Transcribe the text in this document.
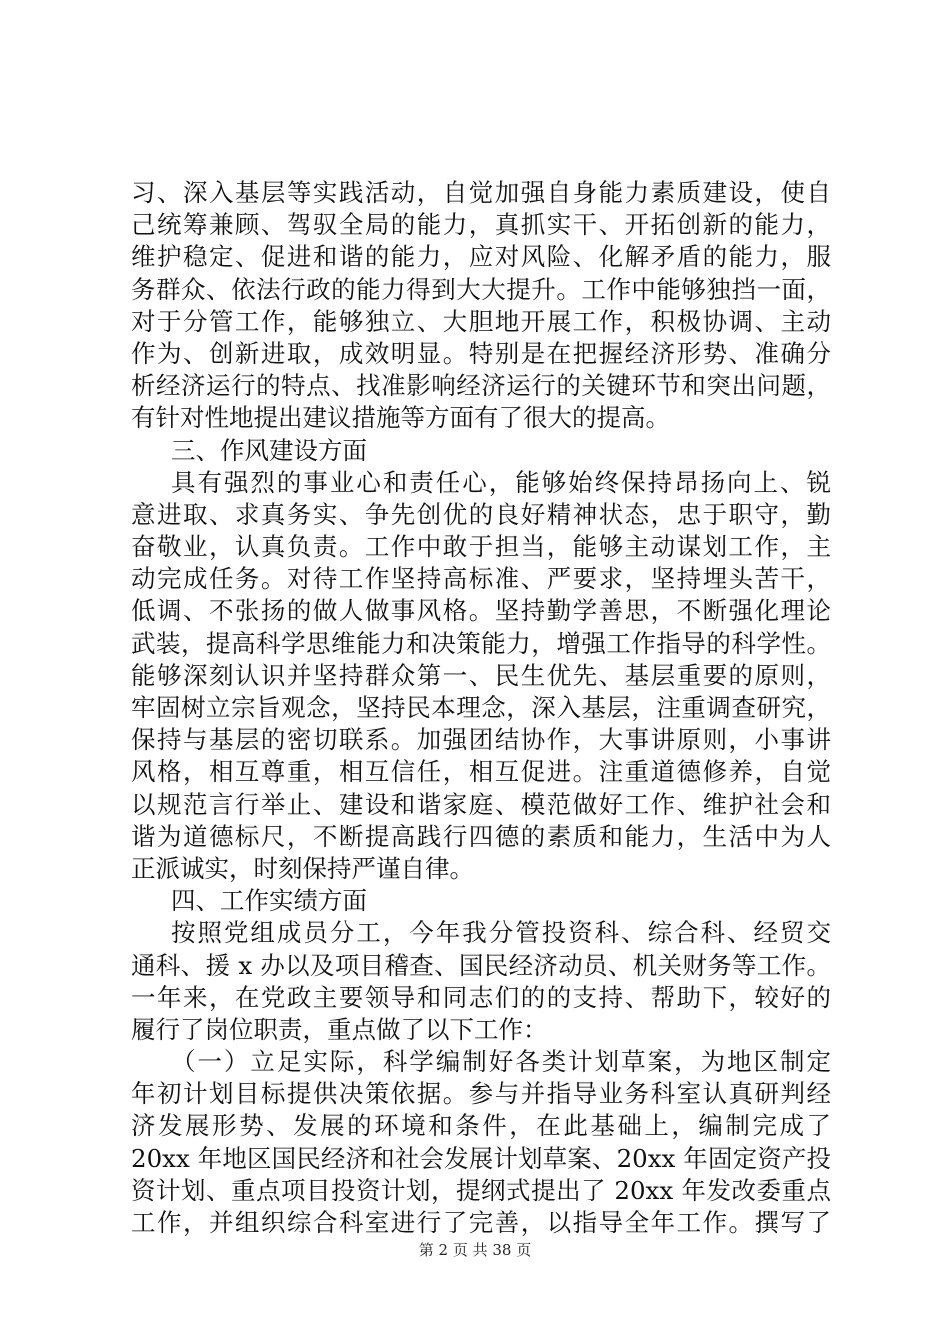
习、深入基层等实践活动，自觉加强自身能力素质建设，使自
己统筹兼顾、驾驭全局的能力，真抓实干、开拓创新的能力，
维护稳定、促进和谐的能力，应对风险、化解矛盾的能力，服
务群众、依法行政的能力得到大大提升。工作中能够独挡一面，
对于分管工作，能够独立、大胆地开展工作，积极协调、主动
作为、创新进取，成效明显。特别是在把握经济形势、准确分
析经济运行的特点、找准影响经济运行的关键环节和突出问题，
有针对性地提出建议措施等方面有了很大的提高。
三、作风建设方面
具有强烈的事业心和责任心，能够始终保持昂扬向上、锐
意进取、求真务实、争先创优的良好精神状态，忠于职守，勤
奋敬业，认真负责。工作中敢于担当，能够主动谋划工作，主
动完成任务。对待工作坚持高标准、严要求，坚持埋头苦干，
低调、不张扬的做人做事风格。坚持勤学善思，不断强化理论
武装，提高科学思维能力和决策能力，增强工作指导的科学性。
能够深刻认识并坚持群众第一、民生优先、基层重要的原则，
牢固树立宗旨观念，坚持民本理念，深入基层，注重调查研究，
保持与基层的密切联系。加强团结协作，大事讲原则，小事讲
风格，相互尊重，相互信任，相互促进。注重道德修养，自觉
以规范言行举止、建设和谐家庭、模范做好工作、维护社会和
谐为道德标尺，不断提高践行四德的素质和能力，生活中为人
正派诚实，时刻保持严谨自律。
四、工作实绩方面
按照党组成员分工，今年我分管投资科、综合科、经贸交
通科、援 x 办以及项目稽查、国民经济动员、机关财务等工作。
一年来，在党政主要领导和同志们的的支持、帮助下，较好的
履行了岗位职责，重点做了以下工作：
（一）立足实际，科学编制好各类计划草案，为地区制定
年初计划目标提供决策依据。参与并指导业务科室认真研判经
济发展形势、发展的环境和条件，在此基础上，编制完成了
20xx 年地区国民经济和社会发展计划草案、20xx 年固定资产投
资计划、重点项目投资计划，提纲式提出了 20xx 年发改委重点
工作，并组织综合科室进行了完善，以指导全年工作。撰写了
第 2 页 共 38 页
